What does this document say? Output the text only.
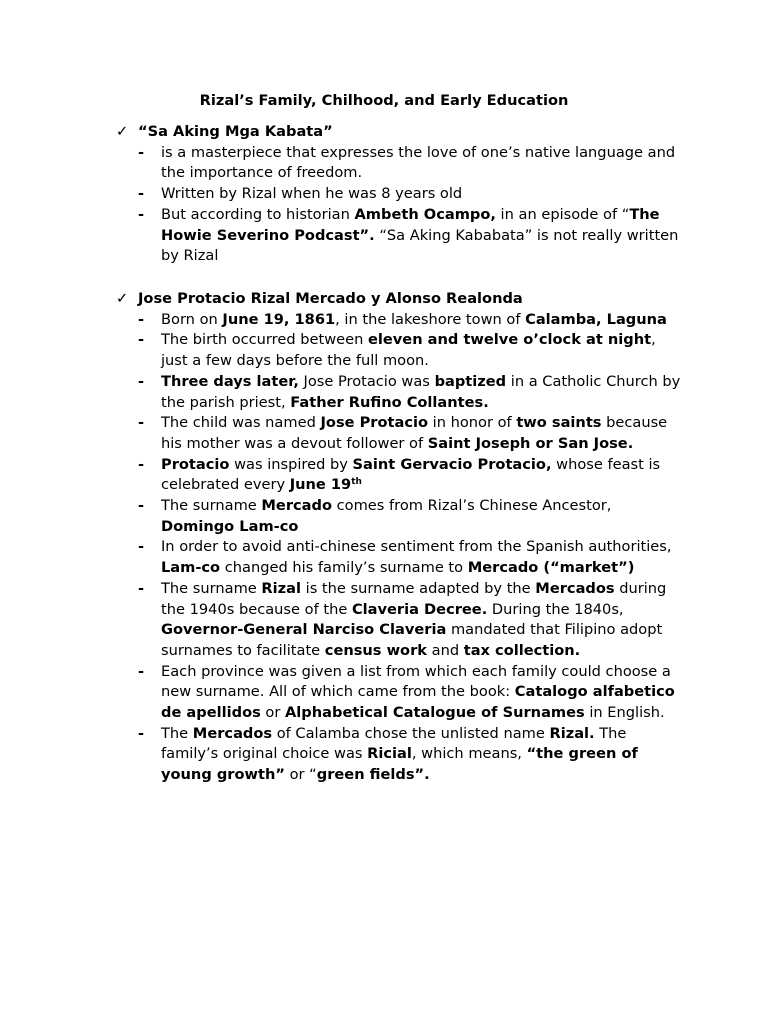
Rizal’s Family, Chilhood, and Early Education
✓ “Sa Aking Mga Kabata”
- is a masterpiece that expresses the love of one’s native language and the importance of freedom.
- Written by Rizal when he was 8 years old
- But according to historian Ambeth Ocampo, in an episode of “The Howie Severino Podcast”. “Sa Aking Kababata” is not really written by Rizal
✓ Jose Protacio Rizal Mercado y Alonso Realonda
- Born on June 19, 1861, in the lakeshore town of Calamba, Laguna
- The birth occurred between eleven and twelve o’clock at night, just a few days before the full moon.
- Three days later, Jose Protacio was baptized in a Catholic Church by the parish priest, Father Rufino Collantes.
- The child was named Jose Protacio in honor of two saints because his mother was a devout follower of Saint Joseph or San Jose.
- Protacio was inspired by Saint Gervacio Protacio, whose feast is celebrated every June 19th
- The surname Mercado comes from Rizal’s Chinese Ancestor, Domingo Lam-co
- In order to avoid anti-chinese sentiment from the Spanish authorities, Lam-co changed his family’s surname to Mercado (“market”)
- The surname Rizal is the surname adapted by the Mercados during the 1940s because of the Claveria Decree. During the 1840s, Governor-General Narciso Claveria mandated that Filipino adopt surnames to facilitate census work and tax collection.
- Each province was given a list from which each family could choose a new surname. All of which came from the book: Catalogo alfabetico de apellidos or Alphabetical Catalogue of Surnames in English.
- The Mercados of Calamba chose the unlisted name Rizal. The family’s original choice was Ricial, which means, “the green of young growth” or “green fields”.
